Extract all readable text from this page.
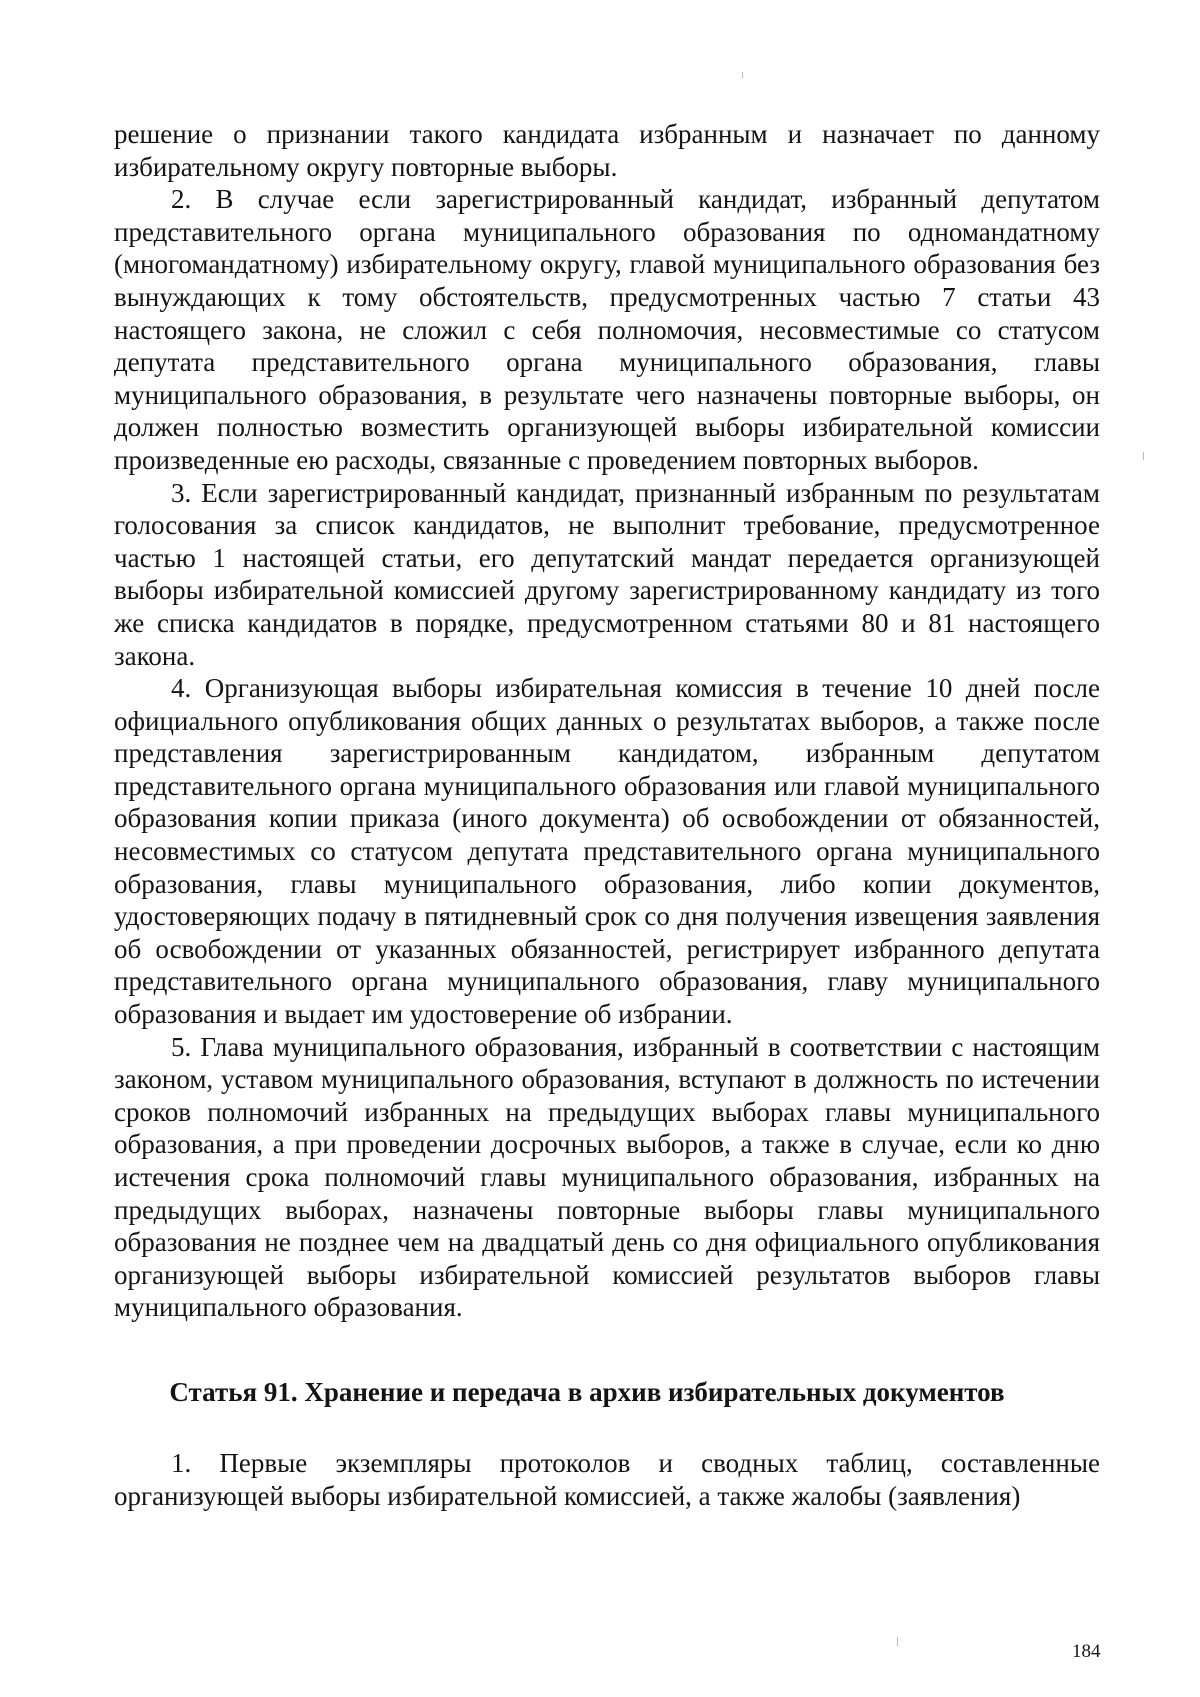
решение о признании такого кандидата избранным и назначает по данному избирательному округу повторные выборы.

2. В случае если зарегистрированный кандидат, избранный депутатом представительного органа муниципального образования по одномандатному (многомандатному) избирательному округу, главой муниципального образования без вынуждающих к тому обстоятельств, предусмотренных частью 7 статьи 43 настоящего закона, не сложил с себя полномочия, несовместимые со статусом депутата представительного органа муниципального образования, главы муниципального образования, в результате чего назначены повторные выборы, он должен полностью возместить организующей выборы избирательной комиссии произведенные ею расходы, связанные с проведением повторных выборов.

3. Если зарегистрированный кандидат, признанный избранным по результатам голосования за список кандидатов, не выполнит требование, предусмотренное частью 1 настоящей статьи, его депутатский мандат передается организующей выборы избирательной комиссией другому зарегистрированному кандидату из того же списка кандидатов в порядке, предусмотренном статьями 80 и 81 настоящего закона.

4. Организующая выборы избирательная комиссия в течение 10 дней после официального опубликования общих данных о результатах выборов, а также после представления зарегистрированным кандидатом, избранным депутатом представительного органа муниципального образования или главой муниципального образования копии приказа (иного документа) об освобождении от обязанностей, несовместимых со статусом депутата представительного органа муниципального образования, главы муниципального образования, либо копии документов, удостоверяющих подачу в пятидневный срок со дня получения извещения заявления об освобождении от указанных обязанностей, регистрирует избранного депутата представительного органа муниципального образования, главу муниципального образования и выдает им удостоверение об избрании.

5. Глава муниципального образования, избранный в соответствии с настоящим законом, уставом муниципального образования, вступают в должность по истечении сроков полномочий избранных на предыдущих выборах главы муниципального образования, а при проведении досрочных выборов, а также в случае, если ко дню истечения срока полномочий главы муниципального образования, избранных на предыдущих выборах, назначены повторные выборы главы муниципального образования не позднее чем на двадцатый день со дня официального опубликования организующей выборы избирательной комиссией результатов выборов главы муниципального образования.

Статья 91. Хранение и передача в архив избирательных документов

1. Первые экземпляры протоколов и сводных таблиц, составленные организующей выборы избирательной комиссией, а также жалобы (заявления)

184
